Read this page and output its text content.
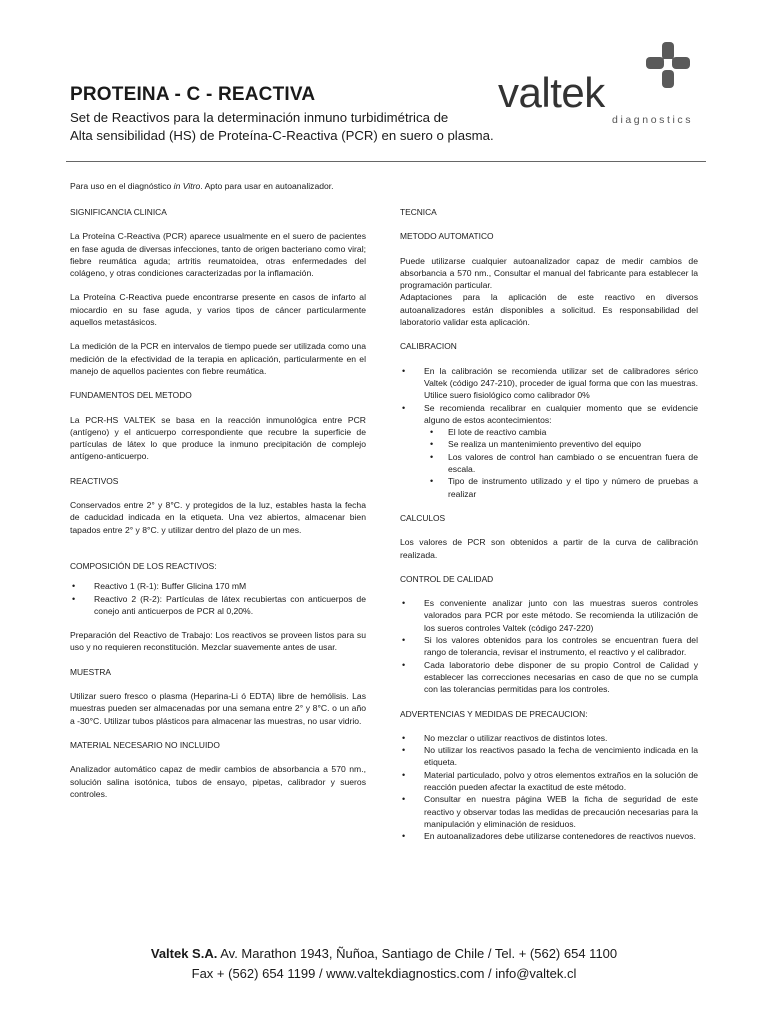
PROTEINA - C - REACTIVA
Set de Reactivos para la determinación inmuno turbidimétrica de
Alta sensibilidad (HS) de Proteína-C-Reactiva (PCR) en suero o plasma.
valtek
diagnostics
Para uso en el diagnóstico in Vitro. Apto para usar en autoanalizador.
SIGNIFICANCIA CLINICA

La Proteína C-Reactiva (PCR) aparece usualmente en el suero de pacientes en fase aguda de diversas infecciones, tanto de origen bacteriano como viral; fiebre reumática aguda; artritis reumatoidea, otras enfermedades del colágeno, y otras condiciones caracterizadas por la inflamación.

La Proteína C-Reactiva puede encontrarse presente en casos de infarto al miocardio en su fase aguda, y varios tipos de cáncer particularmente aquellos metastásicos.

La medición de la PCR en intervalos de tiempo puede ser utilizada como una medición de la efectividad de la terapia en aplicación, particularmente en el manejo de aquellos pacientes con fiebre reumática.

FUNDAMENTOS DEL METODO

La PCR-HS VALTEK se basa en la reacción inmunológica entre PCR (antígeno) y el anticuerpo correspondiente que recubre la superficie de partículas de látex lo que produce la inmuno precipitación de complejo antígeno-anticuerpo.

REACTIVOS

Conservados entre 2° y 8°C. y protegidos de la luz, estables hasta la fecha de caducidad indicada en la etiqueta. Una vez abiertos, almacenar bien tapados entre 2° y 8°C. y utilizar dentro del plazo de un mes.

COMPOSICIÓN DE LOS REACTIVOS:
• Reactivo 1 (R-1): Buffer Glicina 170 mM
• Reactivo 2 (R-2): Partículas de látex recubiertas con anticuerpos de conejo anti anticuerpos de PCR al 0,20%.

Preparación del Reactivo de Trabajo: Los reactivos se proveen listos para su uso y no requieren reconstitución. Mezclar suavemente antes de usar.

MUESTRA

Utilizar suero fresco o plasma (Heparina-Li ó EDTA) libre de hemólisis. Las muestras pueden ser almacenadas por una semana entre 2° y 8°C. o un año a -30°C. Utilizar tubos plásticos para almacenar las muestras, no usar vidrio.

MATERIAL NECESARIO NO INCLUIDO

Analizador automático capaz de medir cambios de absorbancia a 570 nm., solución salina isotónica, tubos de ensayo, pipetas, calibrador y sueros controles.

TECNICA
METODO AUTOMATICO

Puede utilizarse cualquier autoanalizador capaz de medir cambios de absorbancia a 570 nm., Consultar el manual del fabricante para establecer la programación particular.

Adaptaciones para la aplicación de este reactivo en diversos autoanalizadores están disponibles a solicitud. Es responsabilidad del laboratorio validar esta aplicación.

CALIBRACION
• En la calibración se recomienda utilizar set de calibradores sérico Valtek (código 247-210), proceder de igual forma que con las muestras. Utilice suero fisiológico como calibrador 0%
• Se recomienda recalibrar en cualquier momento que se evidencie alguno de estos acontecimientos:
• El lote de reactivo cambia
• Se realiza un mantenimiento preventivo del equipo
• Los valores de control han cambiado o se encuentran fuera de escala.
• Tipo de instrumento utilizado y el tipo y número de pruebas a realizar
CALCULOS

Los valores de PCR son obtenidos a partir de la curva de calibración realizada.

CONTROL DE CALIDAD
• Es conveniente analizar junto con las muestras sueros controles valorados para PCR por este método. Se recomienda la utilización de los sueros controles Valtek (código 247-220)
• Si los valores obtenidos para los controles se encuentran fuera del rango de tolerancia, revisar el instrumento, el reactivo y el calibrador.
• Cada laboratorio debe disponer de su propio Control de Calidad y establecer las correcciones necesarias en caso de que no se cumpla con las tolerancias permitidas para los controles.
ADVERTENCIAS Y MEDIDAS DE PRECAUCION:
• No mezclar o utilizar reactivos de distintos lotes.
• No utilizar los reactivos pasado la fecha de vencimiento indicada en la etiqueta.
• Material particulado, polvo y otros elementos extraños en la solución de reacción pueden afectar la exactitud de este método.
• Consultar en nuestra página WEB la ficha de seguridad de este reactivo y observar todas las medidas de precaución necesarias para la manipulación y eliminación de residuos.
• En autoanalizadores debe utilizarse contenedores de reactivos nuevos.
Valtek S.A. Av. Marathon 1943, Ñuñoa, Santiago de Chile / Tel. + (562) 654 1100
Fax + (562) 654 1199 / www.valtekdiagnostics.com / info@valtek.cl
